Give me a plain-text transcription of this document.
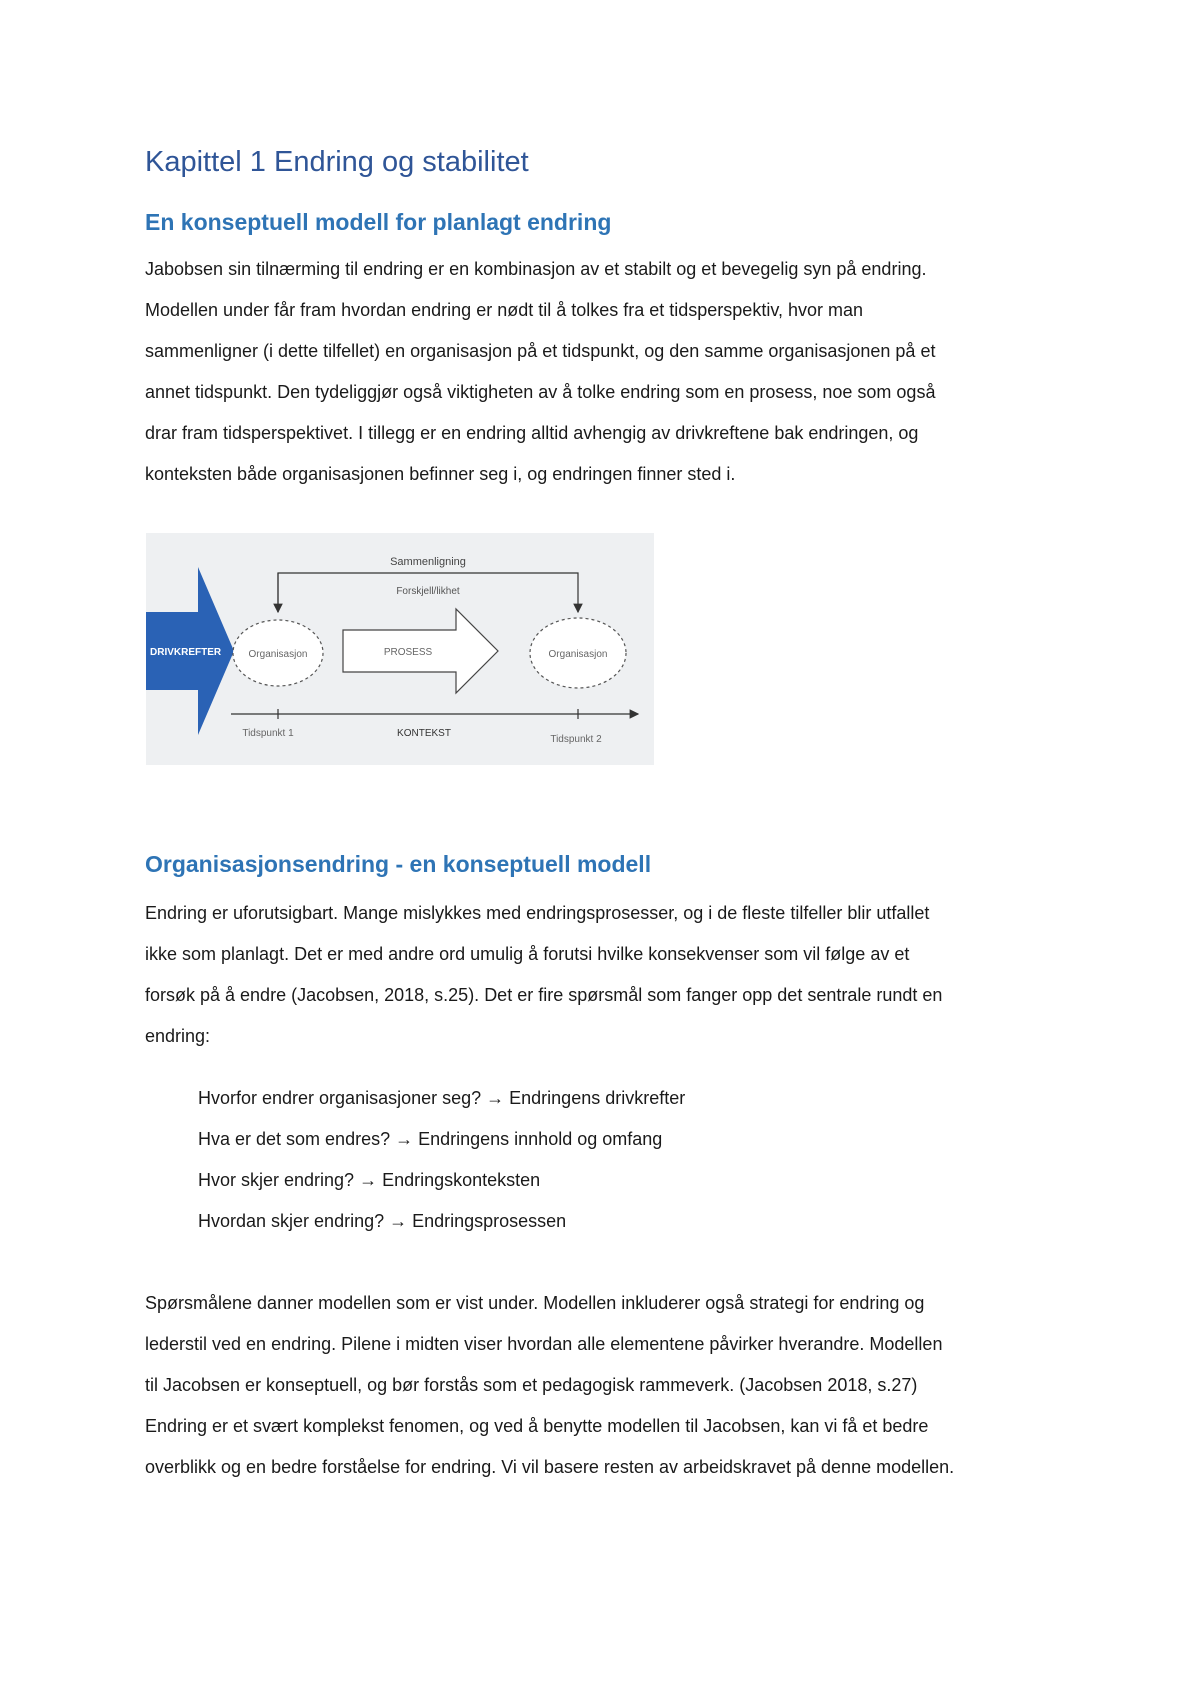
Kapittel 1 Endring og stabilitet
En konseptuell modell for planlagt endring

Jabobsen sin tilnærming til endring er en kombinasjon av et stabilt og et bevegelig syn på endring.
Modellen under får fram hvordan endring er nødt til å tolkes fra et tidsperspektiv, hvor man
sammenligner (i dette tilfellet) en organisasjon på et tidspunkt, og den samme organisasjonen på et
annet tidspunkt. Den tydeliggjør også viktigheten av å tolke endring som en prosess, noe som også
drar fram tidsperspektivet. I tillegg er en endring alltid avhengig av drivkreftene bak endringen, og
konteksten både organisasjonen befinner seg i, og endringen finner sted i.

Sammenligning
Forskjell/likhet
DRIVKREFTER	Organisasjon	PROSESS	Organisasjon
Tidspunkt 1	KONTEKST
Tidspunkt 2
Organisasjonsendring - en konseptuell modell

Endring er uforutsigbart. Mange mislykkes med endringsprosesser, og i de fleste tilfeller blir utfallet
ikke som planlagt. Det er med andre ord umulig å forutsi hvilke konsekvenser som vil følge av et
forsøk på å endre (Jacobsen, 2018, s.25). Det er fire spørsmål som fanger opp det sentrale rundt en
endring:

Hvorfor endrer organisasjoner seg? → Endringens drivkrefter
Hva er det som endres? → Endringens innhold og omfang
Hvor skjer endring? → Endringskonteksten
Hvordan skjer endring? → Endringsprosessen

Spørsmålene danner modellen som er vist under. Modellen inkluderer også strategi for endring og
lederstil ved en endring. Pilene i midten viser hvordan alle elementene påvirker hverandre. Modellen
til Jacobsen er konseptuell, og bør forstås som et pedagogisk rammeverk. (Jacobsen 2018, s.27)
Endring er et svært komplekst fenomen, og ved å benytte modellen til Jacobsen, kan vi få et bedre
overblikk og en bedre forståelse for endring. Vi vil basere resten av arbeidskravet på denne modellen.
